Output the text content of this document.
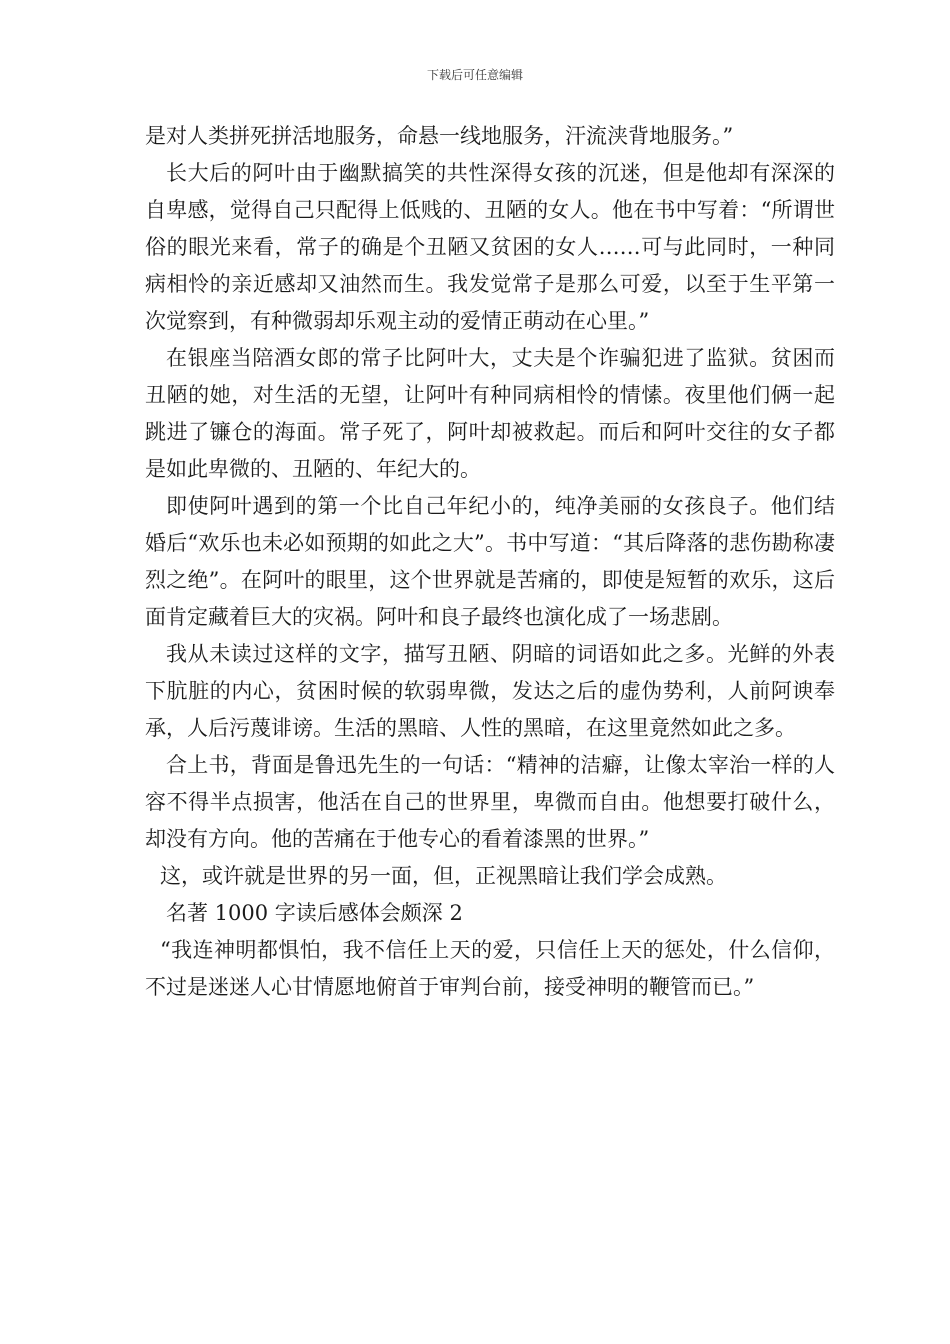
下载后可任意编辑

是对人类拼死拼活地服务，命悬一线地服务，汗流浃背地服务。”

长大后的阿叶由于幽默搞笑的共性深得女孩的沉迷，但是他却有深深的自卑感，觉得自己只配得上低贱的、丑陋的女人。他在书中写着：“所谓世俗的眼光来看，常子的确是个丑陋又贫困的女人……可与此同时，一种同病相怜的亲近感却又油然而生。我发觉常子是那么可爱，以至于生平第一次觉察到，有种微弱却乐观主动的爱情正萌动在心里。”

在银座当陪酒女郎的常子比阿叶大，丈夫是个诈骗犯进了监狱。贫困而丑陋的她，对生活的无望，让阿叶有种同病相怜的情愫。夜里他们俩一起跳进了镰仓的海面。常子死了，阿叶却被救起。而后和阿叶交往的女子都是如此卑微的、丑陋的、年纪大的。

即使阿叶遇到的第一个比自己年纪小的，纯净美丽的女孩良子。他们结婚后“欢乐也未必如预期的如此之大”。书中写道：“其后降落的悲伤勘称凄烈之绝”。在阿叶的眼里，这个世界就是苦痛的，即使是短暂的欢乐，这后面肯定藏着巨大的灾祸。阿叶和良子最终也演化成了一场悲剧。

我从未读过这样的文字，描写丑陋、阴暗的词语如此之多。光鲜的外表下肮脏的内心，贫困时候的软弱卑微，发达之后的虚伪势利，人前阿谀奉承，人后污蔑诽谤。生活的黑暗、人性的黑暗，在这里竟然如此之多。

合上书，背面是鲁迅先生的一句话：“精神的洁癖，让像太宰治一样的人容不得半点损害，他活在自己的世界里，卑微而自由。他想要打破什么，却没有方向。他的苦痛在于他专心的看着漆黑的世界。”

这，或许就是世界的另一面，但，正视黑暗让我们学会成熟。

名著 1000 字读后感体会颇深 2

“我连神明都惧怕，我不信任上天的爱，只信任上天的惩处，什么信仰，不过是迷迷人心甘情愿地俯首于审判台前，接受神明的鞭管而已。”
